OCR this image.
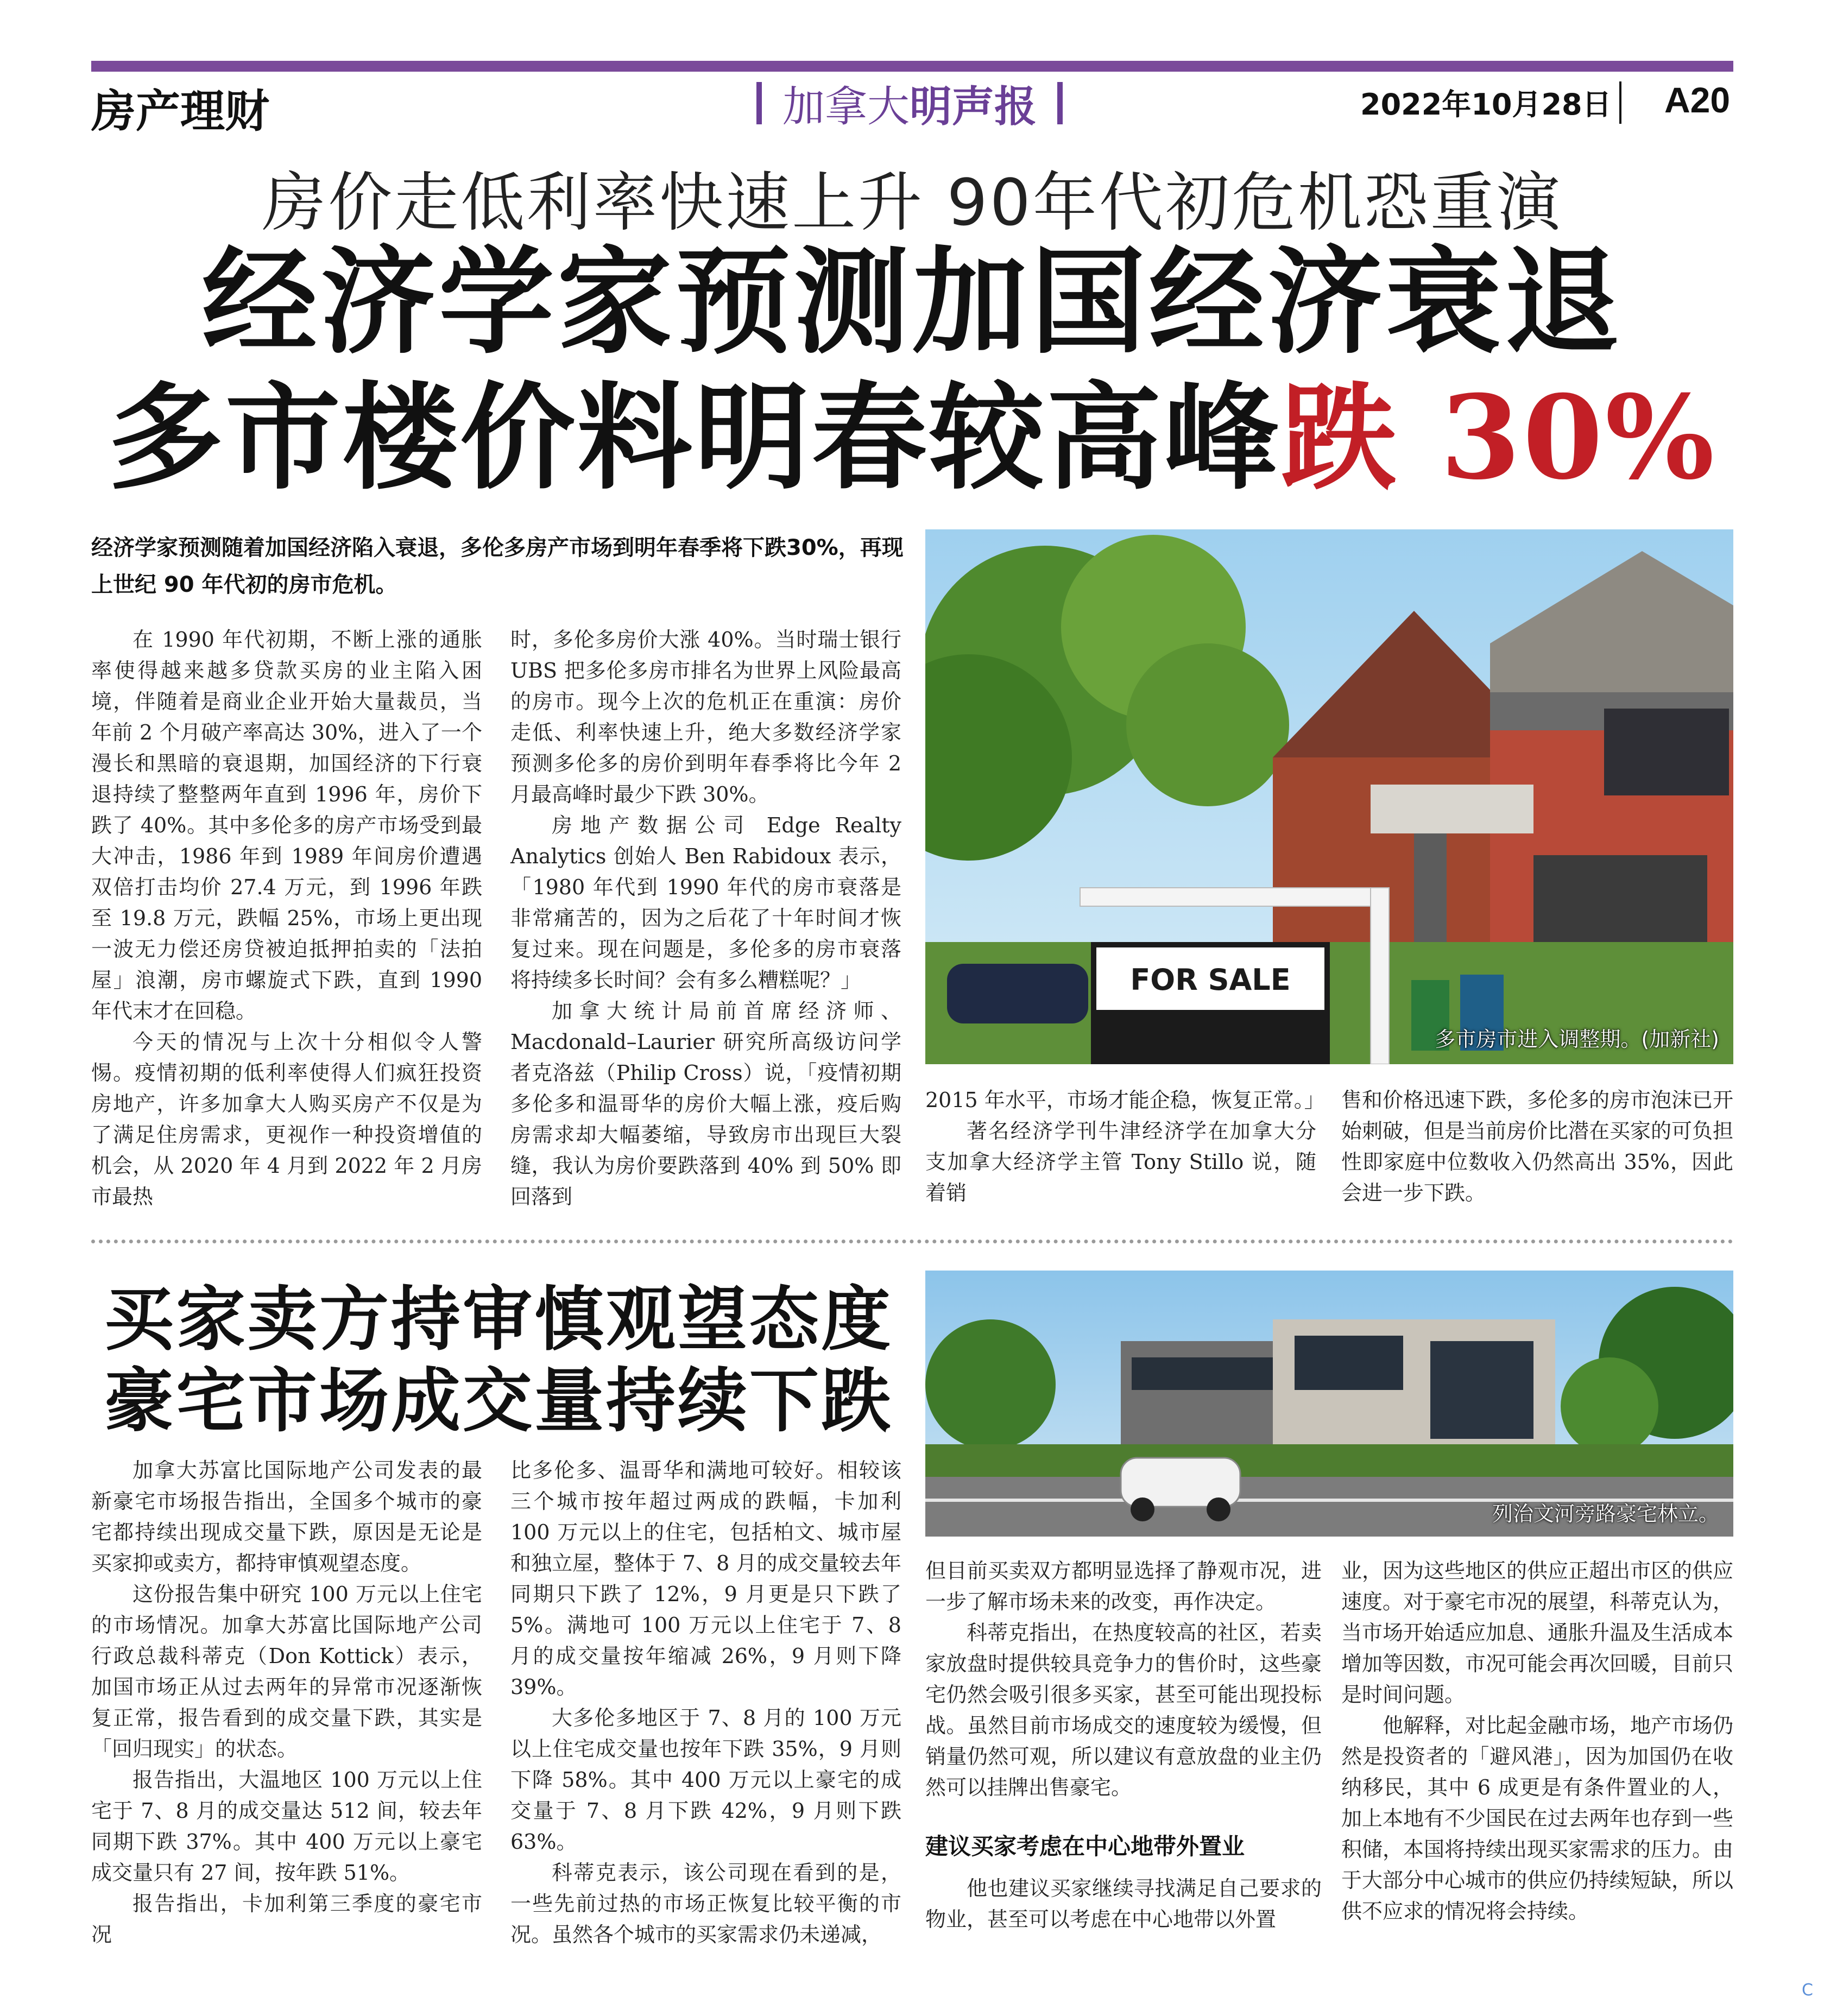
房产理财	加拿大 明声报	2022年10月28日 A20
房价走低利率快速上升 90年代初危机恐重演
经济学家预测加国经济衰退
多市楼价料明春较高峰跌 30%
经济学家预测随着加国经济陷入衰退，多伦多房产市场到明年春季将下跌30%，再现上世纪 90 年代初的房市危机。

在 1990 年代初期，不断上涨的通胀率使得越来越多贷款买房的业主陷入困境，伴随着是商业企业开始大量裁员，当年前 2 个月破产率高达 30%，进入了一个漫长和黑暗的衰退期，加国经济的下行衰退持续了整整两年直到 1996 年，房价下跌了 40%。其中多伦多的房产市场受到最大冲击，1986 年到 1989 年间房价遭遇双倍打击均价 27.4 万元，到 1996 年跌至 19.8 万元，跌幅 25%，市场上更出现一波无力偿还房贷被迫抵押拍卖的「法拍屋」浪潮，房市螺旋式下跌，直到 1990 年代末才在回稳。

今天的情况与上次十分相似令人警惕。疫情初期的低利率使得人们疯狂投资房地产，许多加拿大人购买房产不仅是为了满足住房需求，更视作一种投资增值的机会，从 2020 年 4 月到 2022 年 2 月房市最热

时，多伦多房价大涨 40%。当时瑞士银行 UBS 把多伦多房市排名为世界上风险最高的房市。现今上次的危机正在重演：房价走低、利率快速上升，绝大多数经济学家预测多伦多的房价到明年春季将比今年 2 月最高峰时最少下跌 30%。

房地产数据公司 Edge Realty Analytics 创始人 Ben Rabidoux 表示，「1980 年代到 1990 年代的房市衰落是非常痛苦的，因为之后花了十年时间才恢复过来。现在问题是，多伦多的房市衰落将持续多长时间？会有多么糟糕呢？」

加拿大统计局前首席经济师、Macdonald–Laurier 研究所高级访问学者克洛兹（Philip Cross）说，「疫情初期多伦多和温哥华的房价大幅上涨，疫后购房需求却大幅萎缩，导致房市出现巨大裂缝，我认为房价要跌落到 40% 到 50% 即回落到

FOR SALE
多市房市进入调整期。(加新社)

2015 年水平，市场才能企稳，恢复正常。」

著名经济学刊牛津经济学在加拿大分支加拿大经济学主管 Tony Stillo 说，随着销

售和价格迅速下跌，多伦多的房市泡沫已开始刺破，但是当前房价比潜在买家的可负担性即家庭中位数收入仍然高出 35%，因此会进一步下跌。

买家卖方持审慎观望态度
豪宅市场成交量持续下跌

加拿大苏富比国际地产公司发表的最新豪宅市场报告指出，全国多个城市的豪宅都持续出现成交量下跌，原因是无论是买家抑或卖方，都持审慎观望态度。

这份报告集中研究 100 万元以上住宅的市场情况。加拿大苏富比国际地产公司行政总裁科蒂克（Don Kottick）表示，加国市场正从过去两年的异常市况逐渐恢复正常，报告看到的成交量下跌，其实是「回归现实」的状态。

报告指出，大温地区 100 万元以上住宅于 7、8 月的成交量达 512 间，较去年同期下跌 37%。其中 400 万元以上豪宅成交量只有 27 间，按年跌 51%。

报告指出，卡加利第三季度的豪宅市况

比多伦多、温哥华和满地可较好。相较该三个城市按年超过两成的跌幅，卡加利 100 万元以上的住宅，包括柏文、城市屋和独立屋，整体于 7、8 月的成交量较去年同期只下跌了 12%，9 月更是只下跌了 5%。满地可 100 万元以上住宅于 7、8 月的成交量按年缩减 26%，9 月则下降 39%。

大多伦多地区于 7、8 月的 100 万元以上住宅成交量也按年下跌 35%，9 月则下降 58%。其中 400 万元以上豪宅的成交量于 7、8 月下跌 42%，9 月则下跌 63%。

科蒂克表示，该公司现在看到的是，一些先前过热的市场正恢复比较平衡的市况。虽然各个城市的买家需求仍未递减，

列治文河旁路豪宅林立。

但目前买卖双方都明显选择了静观市况，进一步了解市场未来的改变，再作决定。

科蒂克指出，在热度较高的社区，若卖家放盘时提供较具竞争力的售价时，这些豪宅仍然会吸引很多买家，甚至可能出现投标战。虽然目前市场成交的速度较为缓慢，但销量仍然可观，所以建议有意放盘的业主仍然可以挂牌出售豪宅。

建议买家考虑在中心地带外置业

他也建议买家继续寻找满足自己要求的物业，甚至可以考虑在中心地带以外置

业，因为这些地区的供应正超出市区的供应速度。对于豪宅市况的展望，科蒂克认为，当市场开始适应加息、通胀升温及生活成本增加等因数，市况可能会再次回暖，目前只是时间问题。

他解释，对比起金融市场，地产市场仍然是投资者的「避风港」，因为加国仍在收纳移民，其中 6 成更是有条件置业的人，加上本地有不少国民在过去两年也存到一些积储，本国将持续出现买家需求的压力。由于大部分中心城市的供应仍持续短缺，所以供不应求的情况将会持续。

C
